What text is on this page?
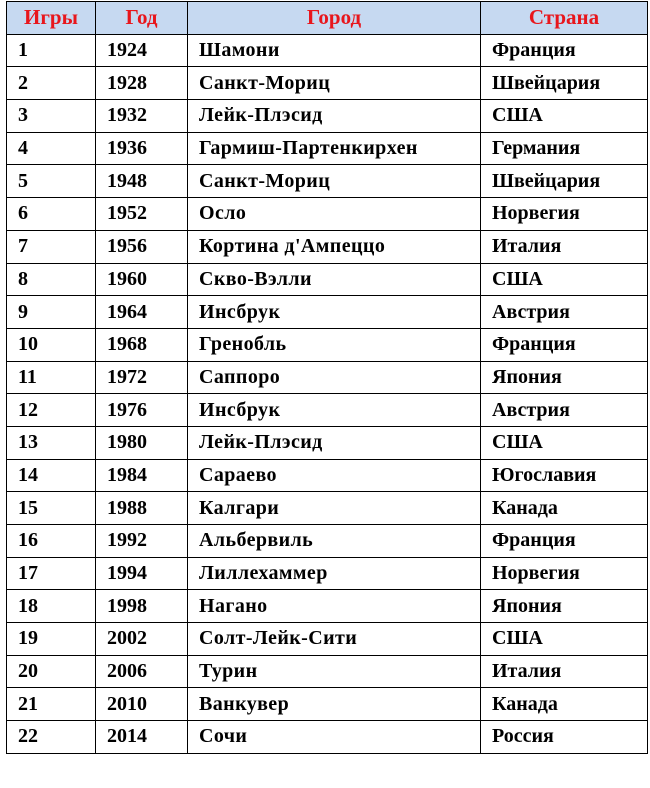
Игры	Год	Город	Страна
1	1924	Шамони	Франция
2	1928	Санкт-Мориц	Швейцария
3	1932	Лейк-Плэсид	США
4	1936	Гармиш-Партенкирхен	Германия
5	1948	Санкт-Мориц	Швейцария
6	1952	Осло	Норвегия
7	1956	Кортина д'Ампеццо	Италия
8	1960	Скво-Вэлли	США
9	1964	Инсбрук	Австрия
10	1968	Гренобль	Франция
11	1972	Саппоро	Япония
12	1976	Инсбрук	Австрия
13	1980	Лейк-Плэсид	США
14	1984	Сараево	Югославия
15	1988	Калгари	Канада
16	1992	Альбервиль	Франция
17	1994	Лиллехаммер	Норвегия
18	1998	Нагано	Япония
19	2002	Солт-Лейк-Сити	США
20	2006	Турин	Италия
21	2010	Ванкувер	Канада
22	2014	Сочи	Россия
